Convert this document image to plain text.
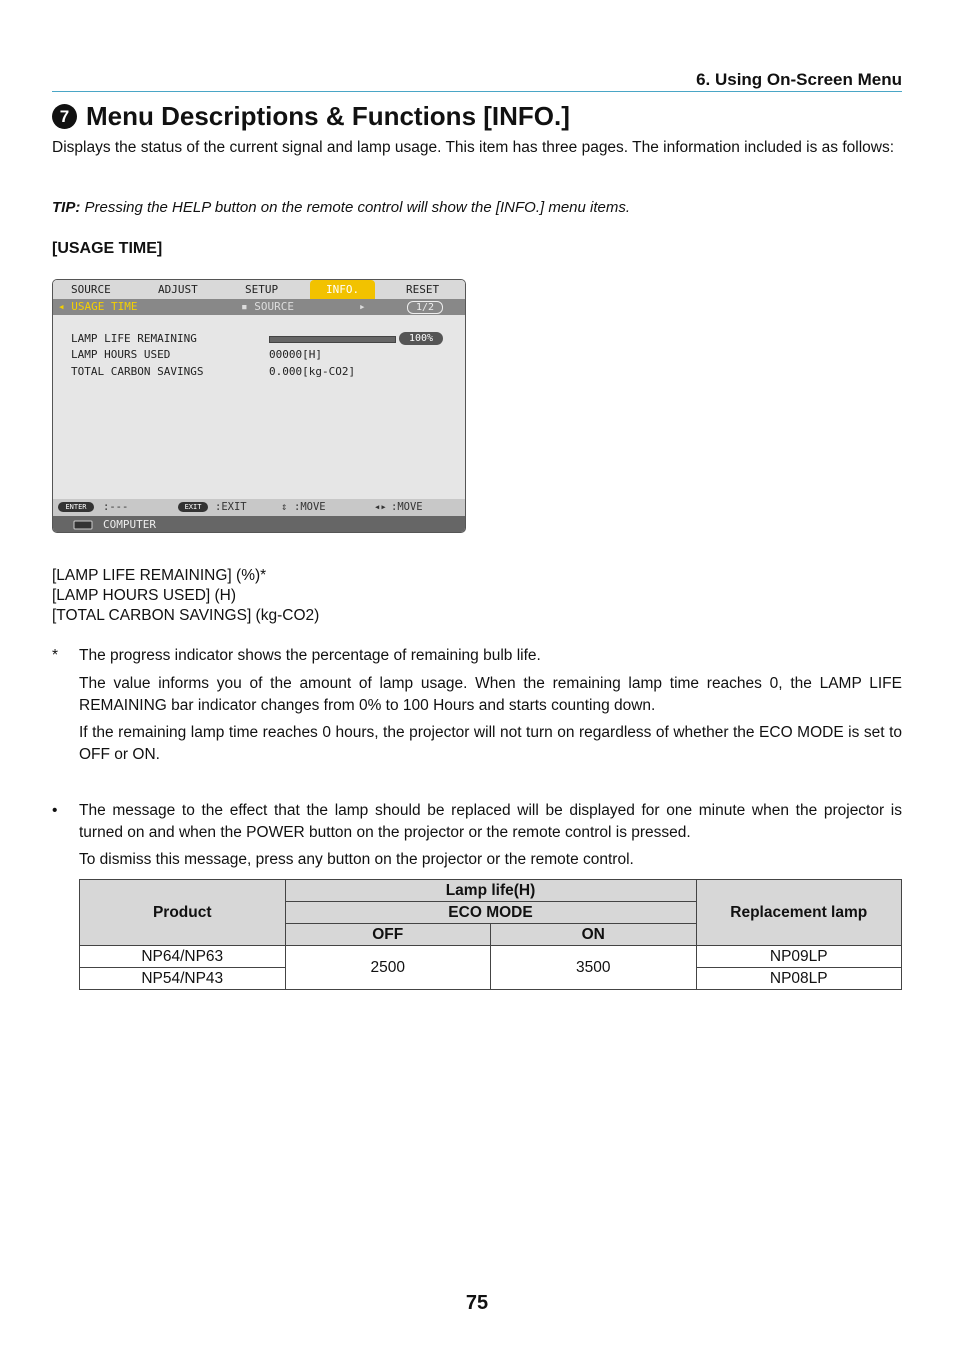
6. Using On-Screen Menu
7 Menu Descriptions & Functions [INFO.]
Displays the status of the current signal and lamp usage. This item has three pages. The information included is as follows:
TIP: Pressing the HELP button on the remote control will show the [INFO.] menu items.
[USAGE TIME]
SOURCE	ADJUST	SETUP	INFO.	RESET
◂ USAGE TIME	▪ SOURCE	▸	1/2
LAMP LIFE REMAINING	100%
LAMP HOURS USED	00000[H]
TOTAL CARBON SAVINGS	0.000[kg-CO2]
ENTER	:---	EXIT	:EXIT	⇕ :MOVE	◂▸ :MOVE
COMPUTER
[LAMP LIFE REMAINING] (%)*
[LAMP HOURS USED] (H)
[TOTAL CARBON SAVINGS] (kg-CO2)
* The progress indicator shows the percentage of remaining bulb life.
The value informs you of the amount of lamp usage. When the remaining lamp time reaches 0, the LAMP LIFE REMAINING bar indicator changes from 0% to 100 Hours and starts counting down.
If the remaining lamp time reaches 0 hours, the projector will not turn on regardless of whether the ECO MODE is set to OFF or ON.
• The message to the effect that the lamp should be replaced will be displayed for one minute when the projector is turned on and when the POWER button on the projector or the remote control is pressed.
To dismiss this message, press any button on the projector or the remote control.
Product	Lamp life(H)		Replacement lamp
	ECO MODE		
	OFF	ON	
NP64/NP63	2500	3500	NP09LP
NP54/NP43			NP08LP
75
